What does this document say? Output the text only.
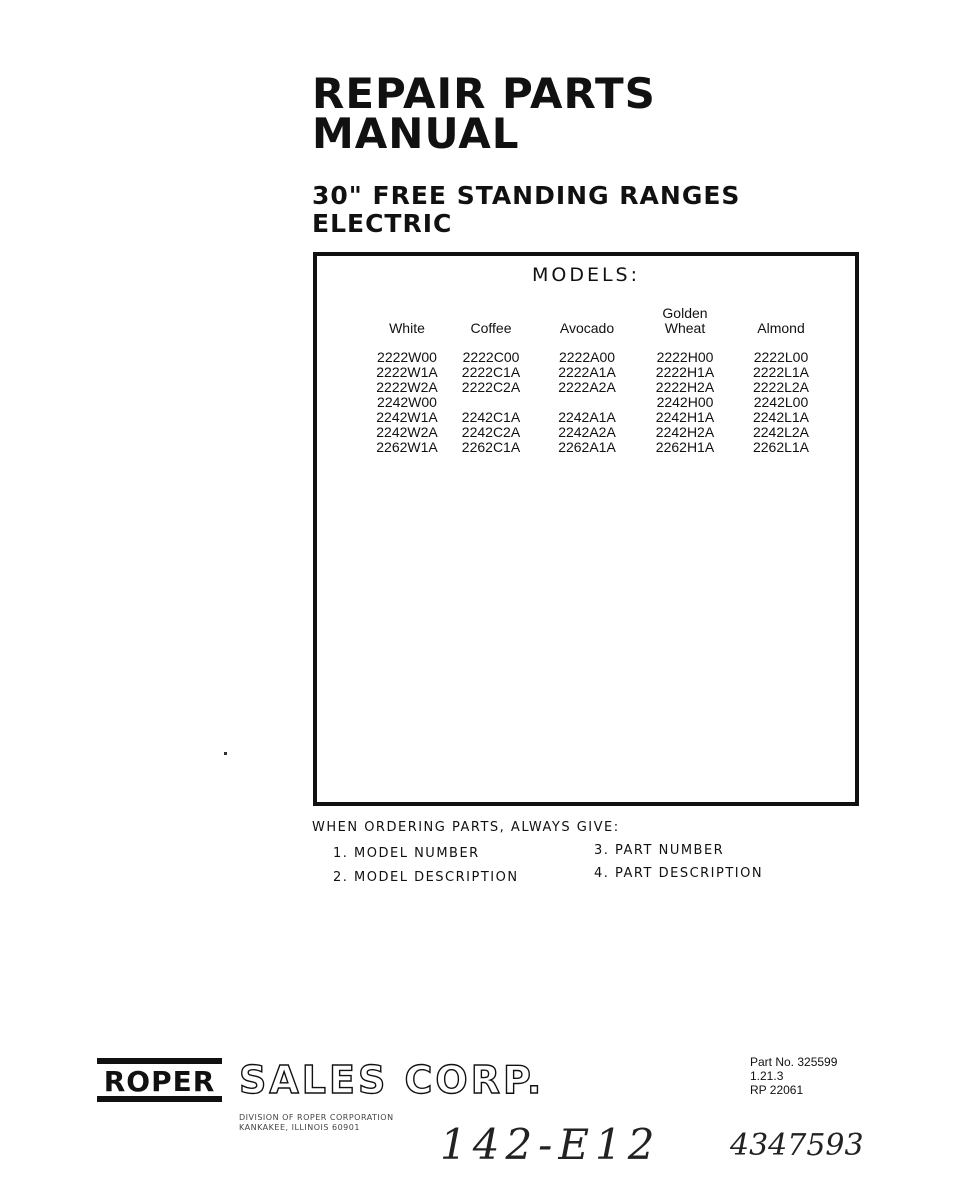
REPAIR PARTS
MANUAL
30" FREE STANDING RANGES
ELECTRIC
MODELS:
White
2222W00
2222W1A
2222W2A
2242W00
2242W1A
2242W2A
2262W1A
Coffee
2222C00
2222C1A
2222C2A
2242C1A
2242C2A
2262C1A
Avocado
2222A00
2222A1A
2222A2A
2242A1A
2242A2A
2262A1A
Golden
Wheat
2222H00
2222H1A
2222H2A
2242H00
2242H1A
2242H2A
2262H1A
Almond
2222L00
2222L1A
2222L2A
2242L00
2242L1A
2242L2A
2262L1A
WHEN ORDERING PARTS, ALWAYS GIVE:
1. MODEL NUMBER
2. MODEL DESCRIPTION
3. PART NUMBER
4. PART DESCRIPTION
ROPER SALES CORP.
DIVISION OF ROPER CORPORATION
KANKAKEE, ILLINOIS 60901
Part No. 325599
1.21.3
RP 22061
142-E12 4347593
